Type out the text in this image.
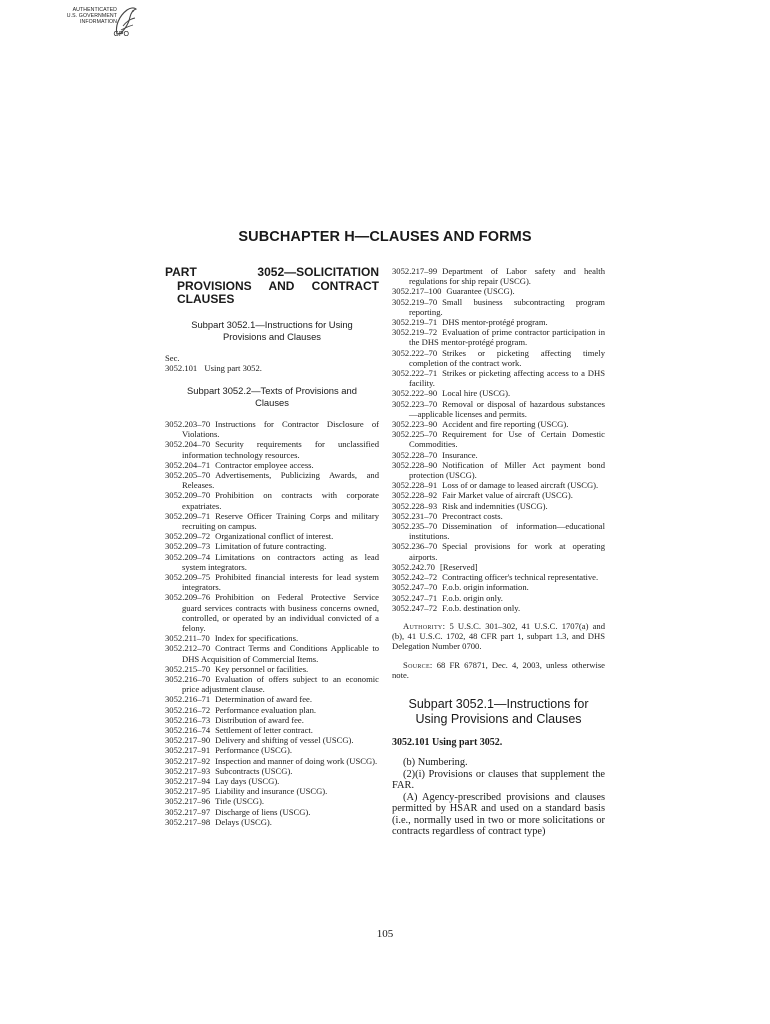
AUTHENTICATED
U.S. GOVERNMENT
INFORMATION
GPO
SUBCHAPTER H—CLAUSES AND FORMS
PART 3052—SOLICITATION PROVISIONS AND CONTRACT CLAUSES
Subpart 3052.1—Instructions for Using Provisions and Clauses
Sec.
3052.101 Using part 3052.
Subpart 3052.2—Texts of Provisions and Clauses
3052.203–70 Instructions for Contractor Disclosure of Violations.
3052.204–70 Security requirements for unclassified information technology resources.
3052.204–71 Contractor employee access.
3052.205–70 Advertisements, Publicizing Awards, and Releases.
3052.209–70 Prohibition on contracts with corporate expatriates.
3052.209–71 Reserve Officer Training Corps and military recruiting on campus.
3052.209–72 Organizational conflict of interest.
3052.209–73 Limitation of future contracting.
3052.209–74 Limitations on contractors acting as lead system integrators.
3052.209–75 Prohibited financial interests for lead system integrators.
3052.209–76 Prohibition on Federal Protective Service guard services contracts with business concerns owned, controlled, or operated by an individual convicted of a felony.
3052.211–70 Index for specifications.
3052.212–70 Contract Terms and Conditions Applicable to DHS Acquisition of Commercial Items.
3052.215–70 Key personnel or facilities.
3052.216–70 Evaluation of offers subject to an economic price adjustment clause.
3052.216–71 Determination of award fee.
3052.216–72 Performance evaluation plan.
3052.216–73 Distribution of award fee.
3052.216–74 Settlement of letter contract.
3052.217–90 Delivery and shifting of vessel (USCG).
3052.217–91 Performance (USCG).
3052.217–92 Inspection and manner of doing work (USCG).
3052.217–93 Subcontracts (USCG).
3052.217–94 Lay days (USCG).
3052.217–95 Liability and insurance (USCG).
3052.217–96 Title (USCG).
3052.217–97 Discharge of liens (USCG).
3052.217–98 Delays (USCG).
3052.217–99 Department of Labor safety and health regulations for ship repair (USCG).
3052.217–100 Guarantee (USCG).
3052.219–70 Small business subcontracting program reporting.
3052.219–71 DHS mentor-protégé program.
3052.219–72 Evaluation of prime contractor participation in the DHS mentor-protégé program.
3052.222–70 Strikes or picketing affecting timely completion of the contract work.
3052.222–71 Strikes or picketing affecting access to a DHS facility.
3052.222–90 Local hire (USCG).
3052.223–70 Removal or disposal of hazardous substances—applicable licenses and permits.
3052.223–90 Accident and fire reporting (USCG).
3052.225–70 Requirement for Use of Certain Domestic Commodities.
3052.228–70 Insurance.
3052.228–90 Notification of Miller Act payment bond protection (USCG).
3052.228–91 Loss of or damage to leased aircraft (USCG).
3052.228–92 Fair Market value of aircraft (USCG).
3052.228–93 Risk and indemnities (USCG).
3052.231–70 Precontract costs.
3052.235–70 Dissemination of information—educational institutions.
3052.236–70 Special provisions for work at operating airports.
3052.242.70 [Reserved]
3052.242–72 Contracting officer's technical representative.
3052.247–70 F.o.b. origin information.
3052.247–71 F.o.b. origin only.
3052.247–72 F.o.b. destination only.
Authority: 5 U.S.C. 301–302, 41 U.S.C. 1707(a) and (b), 41 U.S.C. 1702, 48 CFR part 1, subpart 1.3, and DHS Delegation Number 0700.
Source: 68 FR 67871, Dec. 4, 2003, unless otherwise note.
Subpart 3052.1—Instructions for Using Provisions and Clauses
3052.101 Using part 3052.
(b) Numbering.
(2)(i) Provisions or clauses that supplement the FAR.
(A) Agency-prescribed provisions and clauses permitted by HSAR and used on a standard basis (i.e., normally used in two or more solicitations or contracts regardless of contract type)
105
